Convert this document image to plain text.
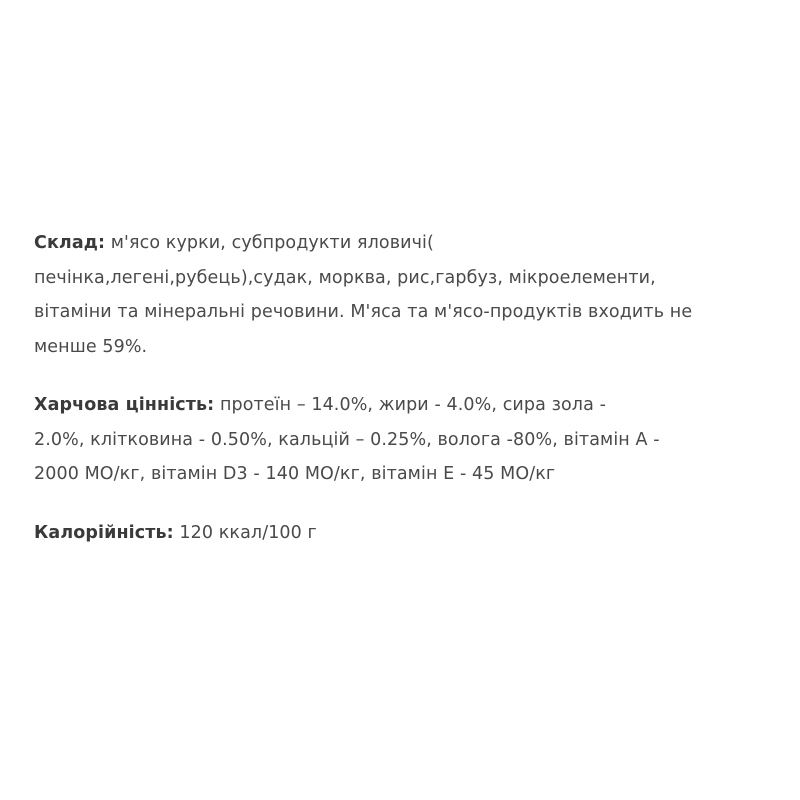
Склад: м'ясо курки, субпродукти яловичі(
печінка,легені,рубець),судак, морква, рис,гарбуз, мікроелементи,
вітаміни та мінеральні речовини. М'яса та м'ясо-продуктів входить не
менше 59%.

Харчова цінність: протеїн – 14.0%, жири - 4.0%, сира зола -
2.0%, клітковина - 0.50%, кальцій – 0.25%, волога -80%, вітамін А -
2000 МО/кг, вітамін D3 - 140 МО/кг, вітамін Е - 45 МО/кг

Калорійність: 120 ккал/100 г
